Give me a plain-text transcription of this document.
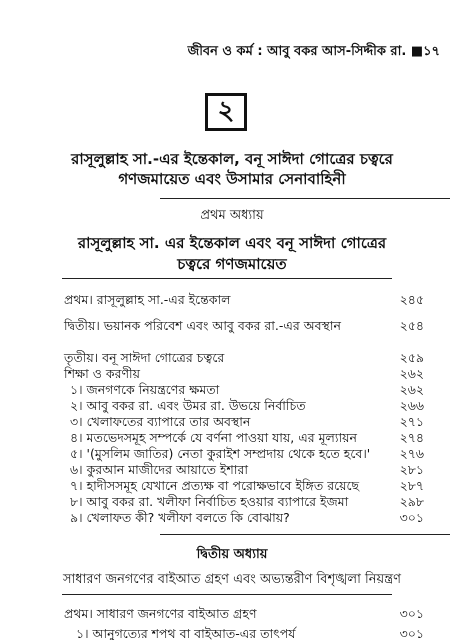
জীবন ও কর্ম : আবু বকর আস-সিদ্দীক রা. ■১৭
২
রাসূলুল্লাহ সা.-এর ইন্তেকাল, বনূ সাঈদা গোত্রের চত্বরে
গণজমায়েত এবং উসামার সেনাবাহিনী
প্রথম অধ্যায়
রাসূলুল্লাহ সা. এর ইন্তেকাল এবং বনূ সাঈদা গোত্রের
চত্বরে গণজমায়েত
প্রথম। রাসূলুল্লাহ সা.-এর ইন্তেকাল	২৪৫
দ্বিতীয়। ভয়ানক পরিবেশ এবং আবু বকর রা.-এর অবস্থান	২৫৪
তৃতীয়। বনূ সাঈদা গোত্রের চত্বরে	২৫৯
শিক্ষা ও করণীয়	২৬২
১। জনগণকে নিয়ন্ত্রণের ক্ষমতা	২৬২
২। আবু বকর রা. এবং উমর রা. উভয়ে নির্বাচিত	২৬৬
৩। খেলাফতের ব্যাপারে তার অবস্থান	২৭১
৪। মতভেদসমূহ সম্পর্কে যে বর্ণনা পাওয়া যায়, এর মূল্যায়ন	২৭৪
৫। '(মুসলিম জাতির) নেতা কুরাইশ সম্প্রদায় থেকে হতে হবে।' ২৭৬
৬। কুরআন মাজীদের আয়াতে ইশারা	২৮১
৭। হাদীসসমূহ যেখানে প্রত্যক্ষ বা পরোক্ষভাবে ইঙ্গিত রয়েছে	২৮৭
৮। আবু বকর রা. খলীফা নির্বাচিত হওয়ার ব্যাপারে ইজমা	২৯৮
৯। খেলাফত কী? খলীফা বলতে কি বোঝায়?	৩০১
দ্বিতীয় অধ্যায়
সাধারণ জনগণের বাইআত গ্রহণ এবং অভ্যন্তরীণ বিশৃঙ্খলা নিয়ন্ত্রণ
প্রথম। সাধারণ জনগণের বাইআত গ্রহণ	৩০১
১। আনুগত্যের শপথ বা বাইআত-এর তাৎপর্য	৩০১
